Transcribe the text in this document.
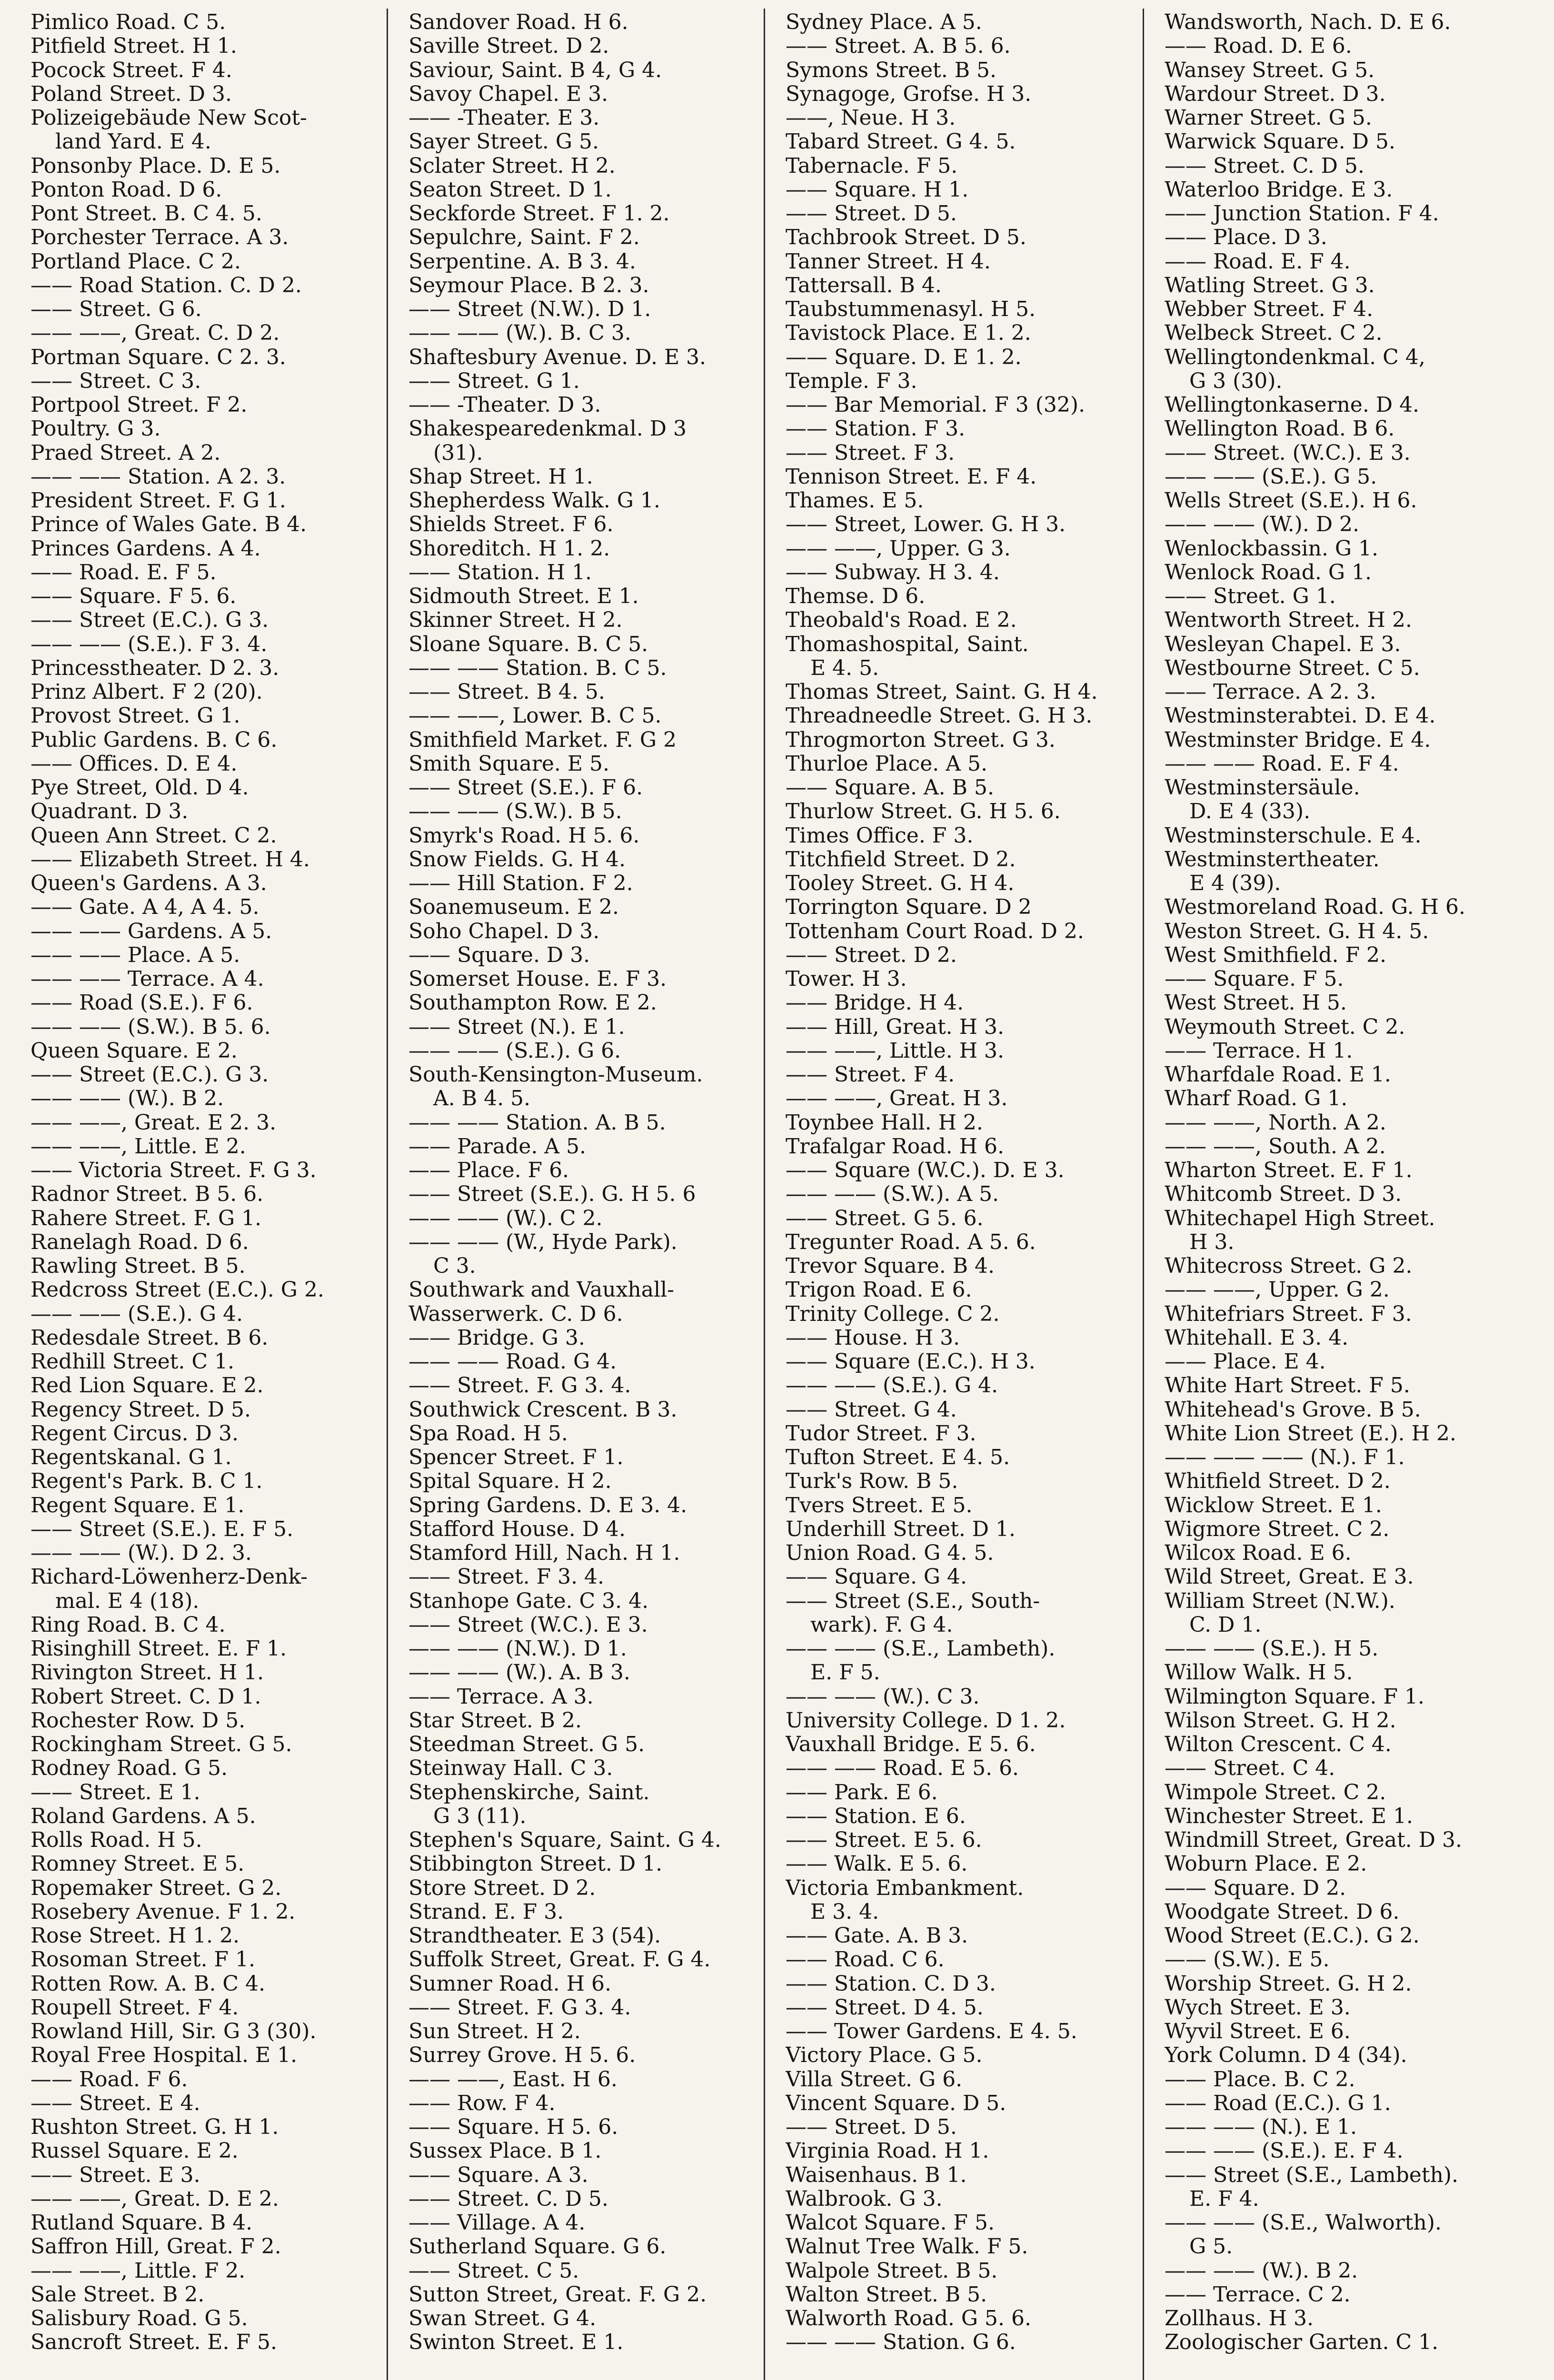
Pimlico Road. C 5.
Pitfield Street. H 1.
Pocock Street. F 4.
Poland Street. D 3.
Polizeigebäude New Scot-
land Yard. E 4.
Ponsonby Place. D. E 5.
Ponton Road. D 6.
Pont Street. B. C 4. 5.
Porchester Terrace. A 3.
Portland Place. C 2.
—— Road Station. C. D 2.
—— Street. G 6.
—— ——, Great. C. D 2.
Portman Square. C 2. 3.
—— Street. C 3.
Portpool Street. F 2.
Poultry. G 3.
Praed Street. A 2.
—— —— Station. A 2. 3.
President Street. F. G 1.
Prince of Wales Gate. B 4.
Princes Gardens. A 4.
—— Road. E. F 5.
—— Square. F 5. 6.
—— Street (E.C.). G 3.
—— —— (S.E.). F 3. 4.
Princesstheater. D 2. 3.
Prinz Albert. F 2 (20).
Provost Street. G 1.
Public Gardens. B. C 6.
—— Offices. D. E 4.
Pye Street, Old. D 4.
Quadrant. D 3.
Queen Ann Street. C 2.
—— Elizabeth Street. H 4.
Queen's Gardens. A 3.
—— Gate. A 4, A 4. 5.
—— —— Gardens. A 5.
—— —— Place. A 5.
—— —— Terrace. A 4.
—— Road (S.E.). F 6.
—— —— (S.W.). B 5. 6.
Queen Square. E 2.
—— Street (E.C.). G 3.
—— —— (W.). B 2.
—— ——, Great. E 2. 3.
—— ——, Little. E 2.
—— Victoria Street. F. G 3.
Radnor Street. B 5. 6.
Rahere Street. F. G 1.
Ranelagh Road. D 6.
Rawling Street. B 5.
Redcross Street (E.C.). G 2.
—— —— (S.E.). G 4.
Redesdale Street. B 6.
Redhill Street. C 1.
Red Lion Square. E 2.
Regency Street. D 5.
Regent Circus. D 3.
Regentskanal. G 1.
Regent's Park. B. C 1.
Regent Square. E 1.
—— Street (S.E.). E. F 5.
—— —— (W.). D 2. 3.
Richard-Löwenherz-Denk-
mal. E 4 (18).
Ring Road. B. C 4.
Risinghill Street. E. F 1.
Rivington Street. H 1.
Robert Street. C. D 1.
Rochester Row. D 5.
Rockingham Street. G 5.
Rodney Road. G 5.
—— Street. E 1.
Roland Gardens. A 5.
Rolls Road. H 5.
Romney Street. E 5.
Ropemaker Street. G 2.
Rosebery Avenue. F 1. 2.
Rose Street. H 1. 2.
Rosoman Street. F 1.
Rotten Row. A. B. C 4.
Roupell Street. F 4.
Rowland Hill, Sir. G 3 (30).
Royal Free Hospital. E 1.
—— Road. F 6.
—— Street. E 4.
Rushton Street. G. H 1.
Russel Square. E 2.
—— Street. E 3.
—— ——, Great. D. E 2.
Rutland Square. B 4.
Saffron Hill, Great. F 2.
—— ——, Little. F 2.
Sale Street. B 2.
Salisbury Road. G 5.
Sancroft Street. E. F 5.
Sandover Road. H 6.
Saville Street. D 2.
Saviour, Saint. B 4, G 4.
Savoy Chapel. E 3.
—— -Theater. E 3.
Sayer Street. G 5.
Sclater Street. H 2.
Seaton Street. D 1.
Seckforde Street. F 1. 2.
Sepulchre, Saint. F 2.
Serpentine. A. B 3. 4.
Seymour Place. B 2. 3.
—— Street (N.W.). D 1.
—— —— (W.). B. C 3.
Shaftesbury Avenue. D. E 3.
—— Street. G 1.
—— -Theater. D 3.
Shakespearedenkmal. D 3
(31).
Shap Street. H 1.
Shepherdess Walk. G 1.
Shields Street. F 6.
Shoreditch. H 1. 2.
—— Station. H 1.
Sidmouth Street. E 1.
Skinner Street. H 2.
Sloane Square. B. C 5.
—— —— Station. B. C 5.
—— Street. B 4. 5.
—— ——, Lower. B. C 5.
Smithfield Market. F. G 2
Smith Square. E 5.
—— Street (S.E.). F 6.
—— —— (S.W.). B 5.
Smyrk's Road. H 5. 6.
Snow Fields. G. H 4.
—— Hill Station. F 2.
Soanemuseum. E 2.
Soho Chapel. D 3.
—— Square. D 3.
Somerset House. E. F 3.
Southampton Row. E 2.
—— Street (N.). E 1.
—— —— (S.E.). G 6.
South-Kensington-Museum.
A. B 4. 5.
—— —— Station. A. B 5.
—— Parade. A 5.
—— Place. F 6.
—— Street (S.E.). G. H 5. 6
—— —— (W.). C 2.
—— —— (W., Hyde Park).
C 3.
Southwark and Vauxhall-
Wasserwerk. C. D 6.
—— Bridge. G 3.
—— —— Road. G 4.
—— Street. F. G 3. 4.
Southwick Crescent. B 3.
Spa Road. H 5.
Spencer Street. F 1.
Spital Square. H 2.
Spring Gardens. D. E 3. 4.
Stafford House. D 4.
Stamford Hill, Nach. H 1.
—— Street. F 3. 4.
Stanhope Gate. C 3. 4.
—— Street (W.C.). E 3.
—— —— (N.W.). D 1.
—— —— (W.). A. B 3.
—— Terrace. A 3.
Star Street. B 2.
Steedman Street. G 5.
Steinway Hall. C 3.
Stephenskirche, Saint.
G 3 (11).
Stephen's Square, Saint. G 4.
Stibbington Street. D 1.
Store Street. D 2.
Strand. E. F 3.
Strandtheater. E 3 (54).
Suffolk Street, Great. F. G 4.
Sumner Road. H 6.
—— Street. F. G 3. 4.
Sun Street. H 2.
Surrey Grove. H 5. 6.
—— ——, East. H 6.
—— Row. F 4.
—— Square. H 5. 6.
Sussex Place. B 1.
—— Square. A 3.
—— Street. C. D 5.
—— Village. A 4.
Sutherland Square. G 6.
—— Street. C 5.
Sutton Street, Great. F. G 2.
Swan Street. G 4.
Swinton Street. E 1.
Sydney Place. A 5.
—— Street. A. B 5. 6.
Symons Street. B 5.
Synagoge, Grofse. H 3.
——, Neue. H 3.
Tabard Street. G 4. 5.
Tabernacle. F 5.
—— Square. H 1.
—— Street. D 5.
Tachbrook Street. D 5.
Tanner Street. H 4.
Tattersall. B 4.
Taubstummenasyl. H 5.
Tavistock Place. E 1. 2.
—— Square. D. E 1. 2.
Temple. F 3.
—— Bar Memorial. F 3 (32).
—— Station. F 3.
—— Street. F 3.
Tennison Street. E. F 4.
Thames. E 5.
—— Street, Lower. G. H 3.
—— ——, Upper. G 3.
—— Subway. H 3. 4.
Themse. D 6.
Theobald's Road. E 2.
Thomashospital, Saint.
E 4. 5.
Thomas Street, Saint. G. H 4.
Threadneedle Street. G. H 3.
Throgmorton Street. G 3.
Thurloe Place. A 5.
—— Square. A. B 5.
Thurlow Street. G. H 5. 6.
Times Office. F 3.
Titchfield Street. D 2.
Tooley Street. G. H 4.
Torrington Square. D 2
Tottenham Court Road. D 2.
—— Street. D 2.
Tower. H 3.
—— Bridge. H 4.
—— Hill, Great. H 3.
—— ——, Little. H 3.
—— Street. F 4.
—— ——, Great. H 3.
Toynbee Hall. H 2.
Trafalgar Road. H 6.
—— Square (W.C.). D. E 3.
—— —— (S.W.). A 5.
—— Street. G 5. 6.
Tregunter Road. A 5. 6.
Trevor Square. B 4.
Trigon Road. E 6.
Trinity College. C 2.
—— House. H 3.
—— Square (E.C.). H 3.
—— —— (S.E.). G 4.
—— Street. G 4.
Tudor Street. F 3.
Tufton Street. E 4. 5.
Turk's Row. B 5.
Tvers Street. E 5.
Underhill Street. D 1.
Union Road. G 4. 5.
—— Square. G 4.
—— Street (S.E., South-
wark). F. G 4.
—— —— (S.E., Lambeth).
E. F 5.
—— —— (W.). C 3.
University College. D 1. 2.
Vauxhall Bridge. E 5. 6.
—— —— Road. E 5. 6.
—— Park. E 6.
—— Station. E 6.
—— Street. E 5. 6.
—— Walk. E 5. 6.
Victoria Embankment.
E 3. 4.
—— Gate. A. B 3.
—— Road. C 6.
—— Station. C. D 3.
—— Street. D 4. 5.
—— Tower Gardens. E 4. 5.
Victory Place. G 5.
Villa Street. G 6.
Vincent Square. D 5.
—— Street. D 5.
Virginia Road. H 1.
Waisenhaus. B 1.
Walbrook. G 3.
Walcot Square. F 5.
Walnut Tree Walk. F 5.
Walpole Street. B 5.
Walton Street. B 5.
Walworth Road. G 5. 6.
—— —— Station. G 6.
Wandsworth, Nach. D. E 6.
—— Road. D. E 6.
Wansey Street. G 5.
Wardour Street. D 3.
Warner Street. G 5.
Warwick Square. D 5.
—— Street. C. D 5.
Waterloo Bridge. E 3.
—— Junction Station. F 4.
—— Place. D 3.
—— Road. E. F 4.
Watling Street. G 3.
Webber Street. F 4.
Welbeck Street. C 2.
Wellingtondenkmal. C 4,
G 3 (30).
Wellingtonkaserne. D 4.
Wellington Road. B 6.
—— Street. (W.C.). E 3.
—— —— (S.E.). G 5.
Wells Street (S.E.). H 6.
—— —— (W.). D 2.
Wenlockbassin. G 1.
Wenlock Road. G 1.
—— Street. G 1.
Wentworth Street. H 2.
Wesleyan Chapel. E 3.
Westbourne Street. C 5.
—— Terrace. A 2. 3.
Westminsterabtei. D. E 4.
Westminster Bridge. E 4.
—— —— Road. E. F 4.
Westminstersäule.
D. E 4 (33).
Westminsterschule. E 4.
Westminstertheater.
E 4 (39).
Westmoreland Road. G. H 6.
Weston Street. G. H 4. 5.
West Smithfield. F 2.
—— Square. F 5.
West Street. H 5.
Weymouth Street. C 2.
—— Terrace. H 1.
Wharfdale Road. E 1.
Wharf Road. G 1.
—— ——, North. A 2.
—— ——, South. A 2.
Wharton Street. E. F 1.
Whitcomb Street. D 3.
Whitechapel High Street.
H 3.
Whitecross Street. G 2.
—— ——, Upper. G 2.
Whitefriars Street. F 3.
Whitehall. E 3. 4.
—— Place. E 4.
White Hart Street. F 5.
Whitehead's Grove. B 5.
White Lion Street (E.). H 2.
—— —— —— (N.). F 1.
Whitfield Street. D 2.
Wicklow Street. E 1.
Wigmore Street. C 2.
Wilcox Road. E 6.
Wild Street, Great. E 3.
William Street (N.W.).
C. D 1.
—— —— (S.E.). H 5.
Willow Walk. H 5.
Wilmington Square. F 1.
Wilson Street. G. H 2.
Wilton Crescent. C 4.
—— Street. C 4.
Wimpole Street. C 2.
Winchester Street. E 1.
Windmill Street, Great. D 3.
Woburn Place. E 2.
—— Square. D 2.
Woodgate Street. D 6.
Wood Street (E.C.). G 2.
—— (S.W.). E 5.
Worship Street. G. H 2.
Wych Street. E 3.
Wyvil Street. E 6.
York Column. D 4 (34).
—— Place. B. C 2.
—— Road (E.C.). G 1.
—— —— (N.). E 1.
—— —— (S.E.). E. F 4.
—— Street (S.E., Lambeth).
E. F 4.
—— —— (S.E., Walworth).
G 5.
—— —— (W.). B 2.
—— Terrace. C 2.
Zollhaus. H 3.
Zoologischer Garten. C 1.
